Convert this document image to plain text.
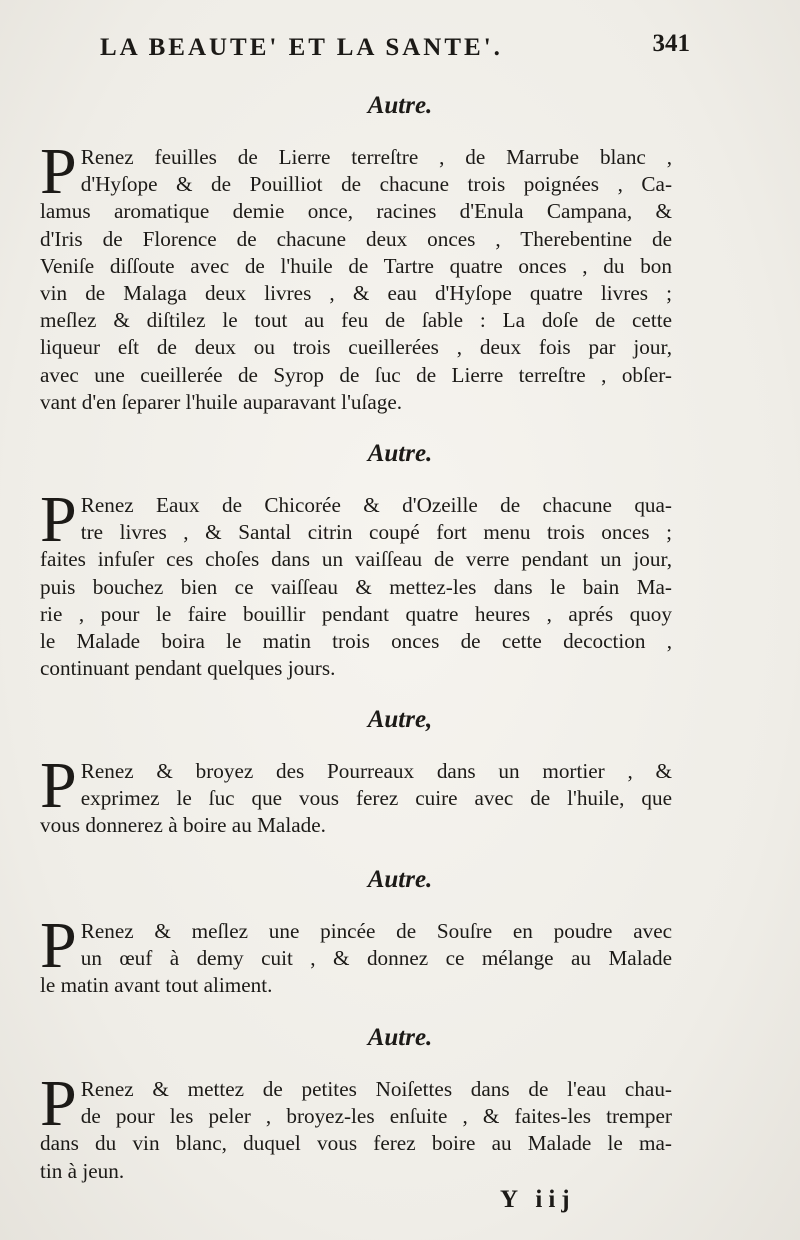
LA BEAUTE' ET LA SANTE'.	341
Autre.
P Renez feuilles de Lierre terreſtre , de Marrube blanc ,
d'Hyſope & de Pouilliot de chacune trois poignées , Ca-
lamus aromatique demie once, racines d'Enula Campana, &
d'Iris de Florence de chacune deux onces , Therebentine de
Veniſe diſſoute avec de l'huile de Tartre quatre onces , du bon
vin de Malaga deux livres , & eau d'Hyſope quatre livres ;
meſlez & diſtilez le tout au feu de ſable : La doſe de cette
liqueur eſt de deux ou trois cueillerées , deux fois par jour,
avec une cueillerée de Syrop de ſuc de Lierre terreſtre , obſer-
vant d'en ſeparer l'huile auparavant l'uſage.
Autre.
P Renez Eaux de Chicorée & d'Ozeille de chacune qua-
tre livres , & Santal citrin coupé fort menu trois onces ;
faites infuſer ces choſes dans un vaiſſeau de verre pendant un jour,
puis bouchez bien ce vaiſſeau & mettez-les dans le bain Ma-
rie , pour le faire bouillir pendant quatre heures , aprés quoy
le Malade boira le matin trois onces de cette decoction ,
continuant pendant quelques jours.
Autre,
P Renez & broyez des Pourreaux dans un mortier , &
exprimez le ſuc que vous ferez cuire avec de l'huile, que
vous donnerez à boire au Malade.
Autre.
P Renez & meſlez une pincée de Souſre en poudre avec
un œuf à demy cuit , & donnez ce mélange au Malade
le matin avant tout aliment.
Autre.
P Renez & mettez de petites Noiſettes dans de l'eau chau-
de pour les peler , broyez-les enſuite , & faites-les tremper
dans du vin blanc, duquel vous ferez boire au Malade le ma-
tin à jeun.
Y iij
